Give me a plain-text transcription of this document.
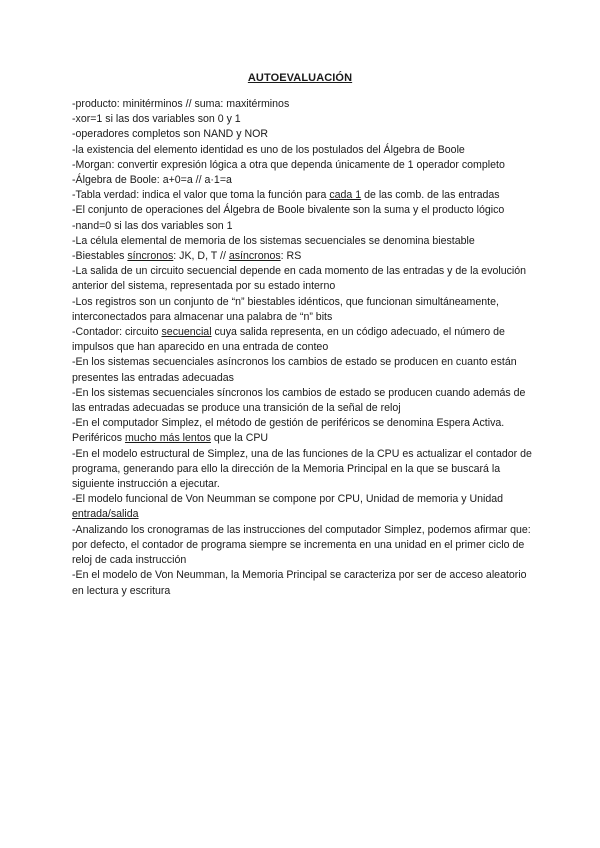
AUTOEVALUACIÓN

-producto: minitérminos // suma: maxitérminos

-xor=1 si las dos variables son 0 y 1

-operadores completos son NAND y NOR

-la existencia del elemento identidad es uno de los postulados del Álgebra de Boole

-Morgan: convertir expresión lógica a otra que dependa únicamente de 1 operador completo

-Álgebra de Boole: a+0=a // a·1=a

-Tabla verdad: indica el valor que toma la función para cada 1 de las comb. de las entradas

-El conjunto de operaciones del Álgebra de Boole bivalente son la suma y el producto lógico

-nand=0 si las dos variables son 1

-La célula elemental de memoria de los sistemas secuenciales se denomina biestable

-Biestables síncronos: JK, D, T // asíncronos: RS

-La salida de un circuito secuencial depende en cada momento de las entradas y de la evolución anterior del sistema, representada por su estado interno

-Los registros son un conjunto de “n” biestables idénticos, que funcionan simultáneamente, interconectados para almacenar una palabra de “n” bits

-Contador: circuito secuencial cuya salida representa, en un código adecuado, el número de impulsos que han aparecido en una entrada de conteo

-En los sistemas secuenciales asíncronos los cambios de estado se producen en cuanto están presentes las entradas adecuadas

-En los sistemas secuenciales síncronos los cambios de estado se producen cuando además de las entradas adecuadas se produce una transición de la señal de reloj

-En el computador Simplez, el método de gestión de periféricos se denomina Espera Activa. Periféricos mucho más lentos que la CPU

-En el modelo estructural de Simplez, una de las funciones de la CPU es actualizar el contador de programa, generando para ello la dirección de la Memoria Principal en la que se buscará la siguiente instrucción a ejecutar.

-El modelo funcional de Von Neumman se compone por CPU, Unidad de memoria y Unidad entrada/salida

-Analizando los cronogramas de las instrucciones del computador Simplez, podemos afirmar que: por defecto, el contador de programa siempre se incrementa en una unidad en el primer ciclo de reloj de cada instrucción

-En el modelo de Von Neumman, la Memoria Principal se caracteriza por ser de acceso aleatorio en lectura y escritura
